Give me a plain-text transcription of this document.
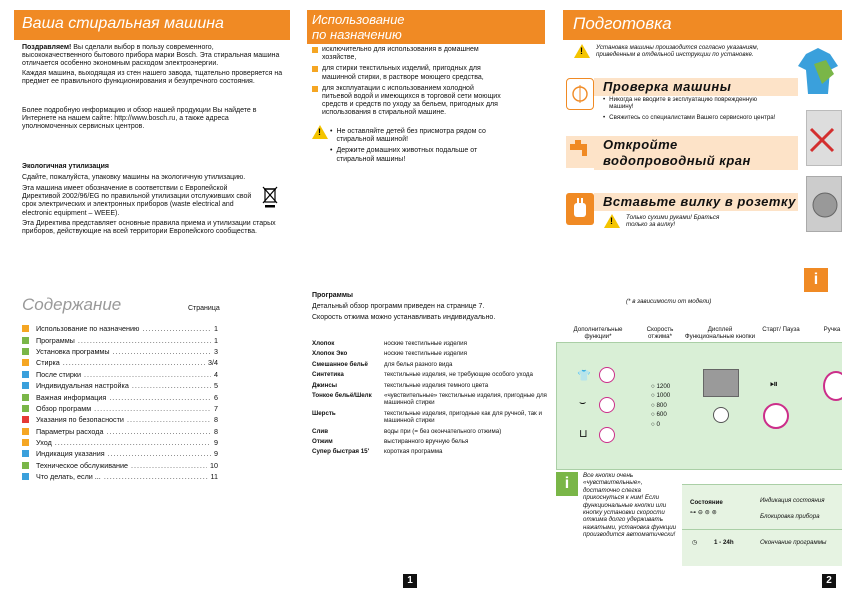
Ваша стиральная машина
Поздравляем! Вы сделали выбор в пользу современного, высококачественного бытового прибора марки Bosch. Эта стиральная машина отличается особенно экономным расходом электроэнергии.
Каждая машина, выходящая из стен нашего завода, тщательно проверяется на предмет ее правильного функционирования и безупречного состояния.
Более подробную информацию и обзор нашей продукции Вы найдете в Интернете на нашем сайте: http://www.bosch.ru, а также адреса уполномоченных сервисных центров.
Экологичная утилизация
Сдайте, пожалуйста, упаковку машины на экологичную утилизацию.
Эта машина имеет обозначение в соответствии с Европейской Директивой 2002/96/EG по правильной утилизации отслуживших свой срок электрических и электронных приборов (waste electrical and electronic equipment – WEEE).
Эта Директива представляет основные правила приема и утилизации старых приборов, действующие на всей территории Европейского сообщества.
Содержание	Страница
Использование по назначению .....	1
Программы .....	1
Установка программы .....	3
Стирка .....	3/4
После стирки .....	4
Индивидуальная настройка .....	5
Важная информация .....	6
Обзор программ .....	7
Указания по безопасности .....	8
Параметры расхода .....	8
Уход .....	9
Индикация указания .....	9
Техническое обслуживание .....	10
Что делать, если ... .....	11
Использование
по назначению
исключительно для использования в домашнем хозяйстве,
для стирки текстильных изделий, пригодных для машинной стирки, в растворе моющего средства,
для эксплуатации с использованием холодной питьевой водой и имеющихся в торговой сети моющих средств и средств по уходу за бельем, пригодных для использования в стиральной машине.
!
• Не оставляйте детей без присмотра рядом со стиральной машиной!
• Держите домашних животных подальше от стиральной машины!
Программы
Детальный обзор программ приведен на странице 7.
Скорость отжима можно устанавливать индивидуально.
Хлопок	ноские текстильные изделия
Хлопок Эко	ноские текстильные изделия
Смешанное бельё	для белья разного вида
Синтетика	текстильные изделия, не требующие особого ухода
Джинсы	текстильные изделия темного цвета
Тонкое бельё/Шелк	«чувствительные» текстильные изделия, пригодные для машинной стирки
Шерсть	текстильные изделия, пригодные как для ручной, так и машинной стирки
Слив	воды при (= без окончательного отжима)
Отжим	выстиранного вручную белья
Супер быстрая 15'	короткая программа
1
Подготовка
!
Установка машины производится согласно указаниям, приведенным в отдельной инструкции по установке.
Проверка машины
• Никогда не вводите в эксплуатацию поврежденную машину!
• Свяжитесь со специалистами Вашего сервисного центра!
Откройте водопроводный кран
Вставьте вилку в розетку
!
Только сухими руками! Браться только за вилку!
i
(* в зависимости от модели)
Дополнительные функции*
Скорость отжима*
Дисплей Функциональные кнопки
Старт/ Пауза	Ручка
👕
⌣
⊔
○ 1200
○ 1000
○ 800
○ 600
○ 0
⏯
i	Все кнопки очень «чувствительные», достаточно слегка прикоснуться к ним! Если функциональные кнопки или кнопку установки скорости отжима долго удерживать нажатыми, установка функции производится автоматически!
Состояние
⊶ ⊖ ⊜ ⊚
Индикация состояния
Блокировка прибора
◷	1 - 24h	Окончание программы
2
